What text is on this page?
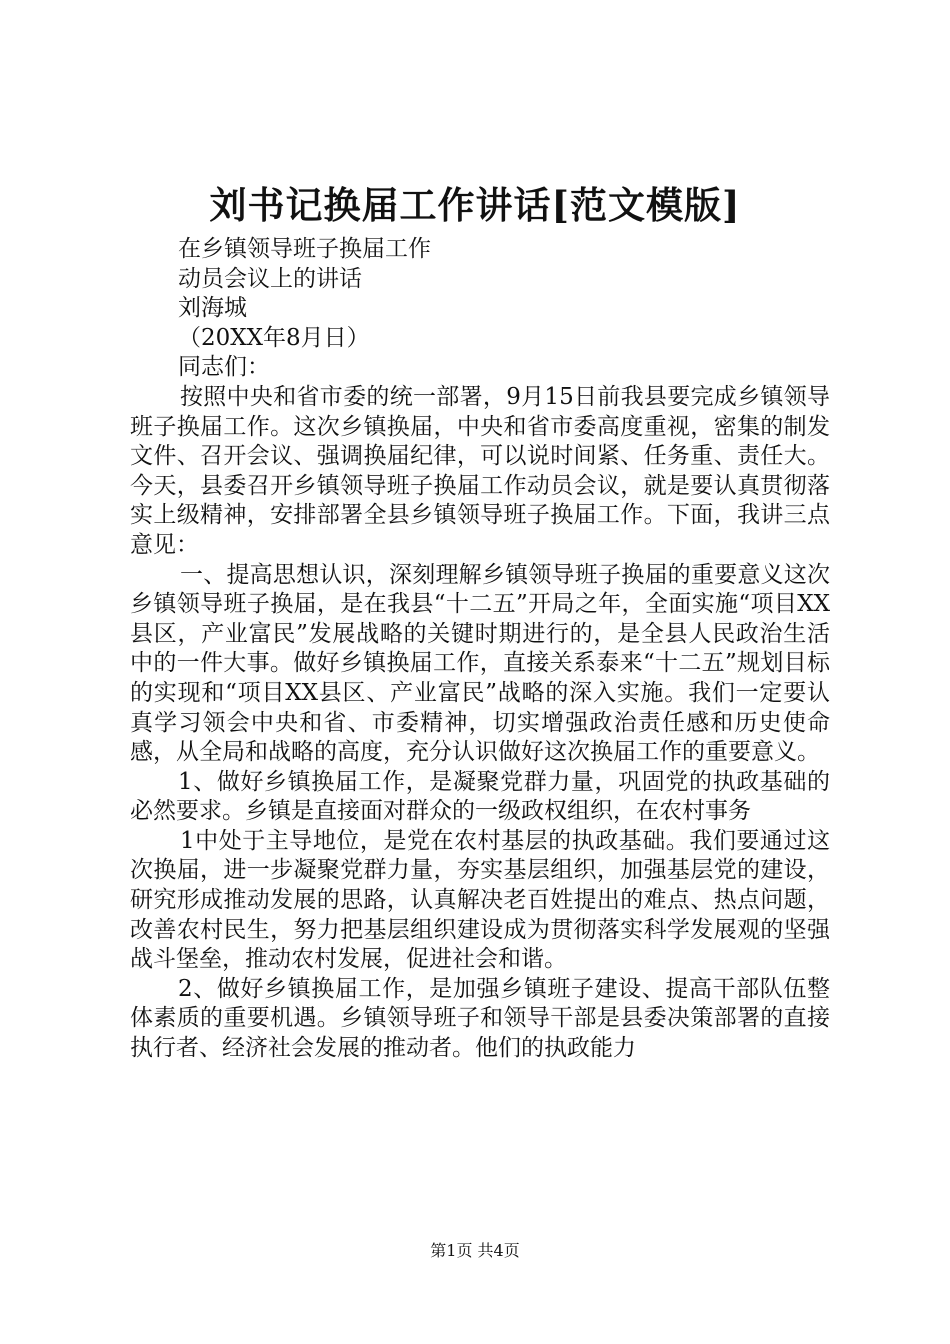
刘书记换届工作讲话[范文模版]

在乡镇领导班子换届工作

动员会议上的讲话

刘海城

（20XX年8月日）

同志们：

按照中央和省市委的统一部署，9月15日前我县要完成乡镇领导班子换届工作。这次乡镇换届，中央和省市委高度重视，密集的制发文件、召开会议、强调换届纪律，可以说时间紧、任务重、责任大。今天，县委召开乡镇领导班子换届工作动员会议，就是要认真贯彻落实上级精神，安排部署全县乡镇领导班子换届工作。下面，我讲三点意见：

一、提高思想认识，深刻理解乡镇领导班子换届的重要意义这次乡镇领导班子换届，是在我县“十二五”开局之年，全面实施“项目XX县区，产业富民”发展战略的关键时期进行的，是全县人民政治生活中的一件大事。做好乡镇换届工作，直接关系泰来“十二五”规划目标的实现和“项目XX县区、产业富民”战略的深入实施。我们一定要认真学习领会中央和省、市委精神，切实增强政治责任感和历史使命感，从全局和战略的高度，充分认识做好这次换届工作的重要意义。

1、做好乡镇换届工作，是凝聚党群力量，巩固党的执政基础的必然要求。乡镇是直接面对群众的一级政权组织，在农村事务

1中处于主导地位，是党在农村基层的执政基础。我们要通过这次换届，进一步凝聚党群力量，夯实基层组织，加强基层党的建设，研究形成推动发展的思路，认真解决老百姓提出的难点、热点问题，改善农村民生，努力把基层组织建设成为贯彻落实科学发展观的坚强战斗堡垒，推动农村发展，促进社会和谐。

2、做好乡镇换届工作，是加强乡镇班子建设、提高干部队伍整体素质的重要机遇。乡镇领导班子和领导干部是县委决策部署的直接执行者、经济社会发展的推动者。他们的执政能力

第1页 共4页
